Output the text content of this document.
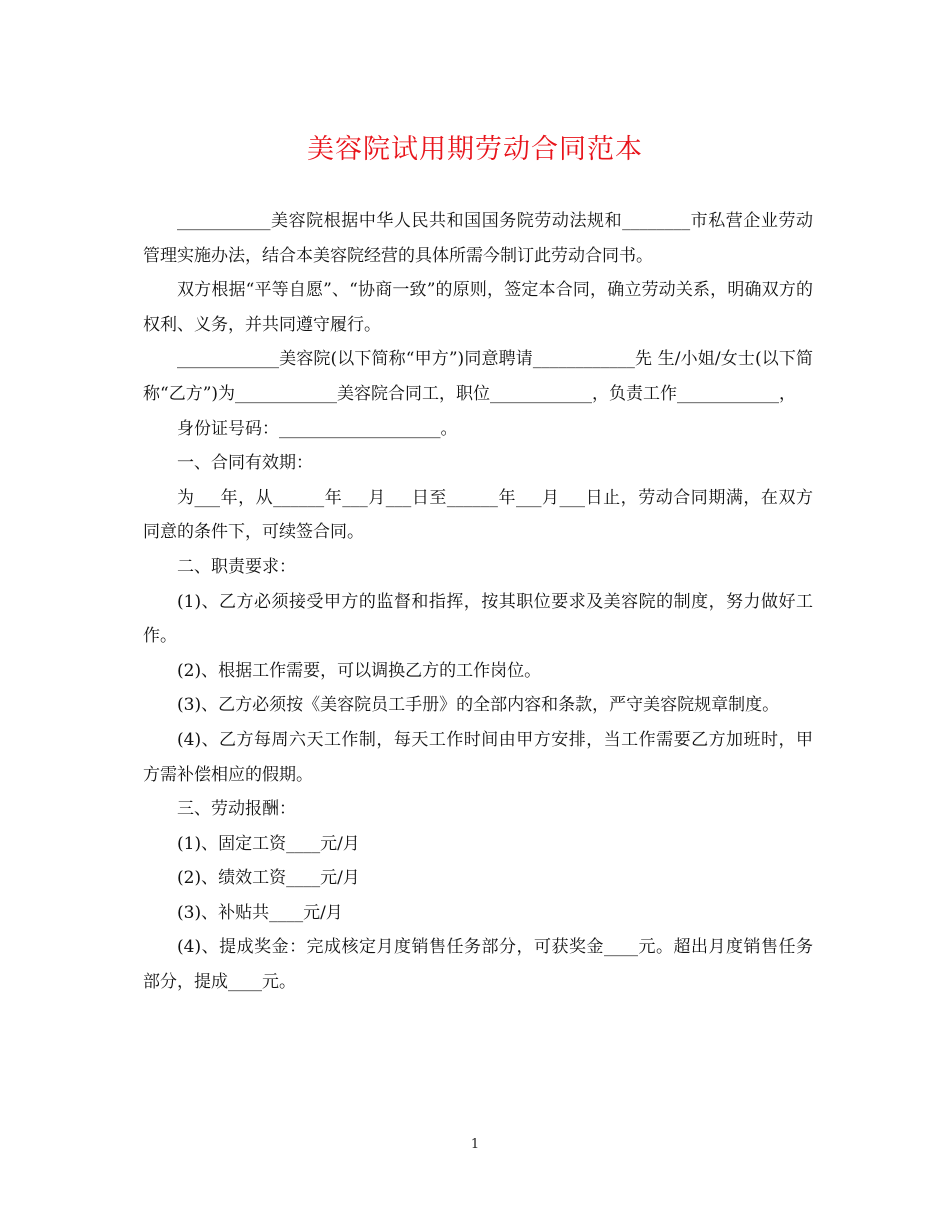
美容院试用期劳动合同范本

___________美容院根据中华人民共和国国务院劳动法规和________市私营企业劳动管理实施办法，结合本美容院经营的具体所需今制订此劳动合同书。

双方根据“平等自愿”、“协商一致”的原则，签定本合同，确立劳动关系，明确双方的权利、义务，并共同遵守履行。

____________美容院(以下简称“甲方”)同意聘请____________先 生/小姐/女士(以下简称“乙方”)为____________美容院合同工，职位____________，负责工作____________，

身份证号码：___________________。

一、合同有效期：

为___年，从______年___月___日至______年___月___日止，劳动合同期满，在双方同意的条件下，可续签合同。

二、职责要求：

(1)、乙方必须接受甲方的监督和指挥，按其职位要求及美容院的制度，努力做好工作。

(2)、根据工作需要，可以调换乙方的工作岗位。

(3)、乙方必须按《美容院员工手册》的全部内容和条款，严守美容院规章制度。

(4)、乙方每周六天工作制，每天工作时间由甲方安排，当工作需要乙方加班时，甲方需补偿相应的假期。

三、劳动报酬：

(1)、固定工资____元/月

(2)、绩效工资____元/月

(3)、补贴共____元/月

(4)、提成奖金：完成核定月度销售任务部分，可获奖金____元。超出月度销售任务部分，提成____元。

1
